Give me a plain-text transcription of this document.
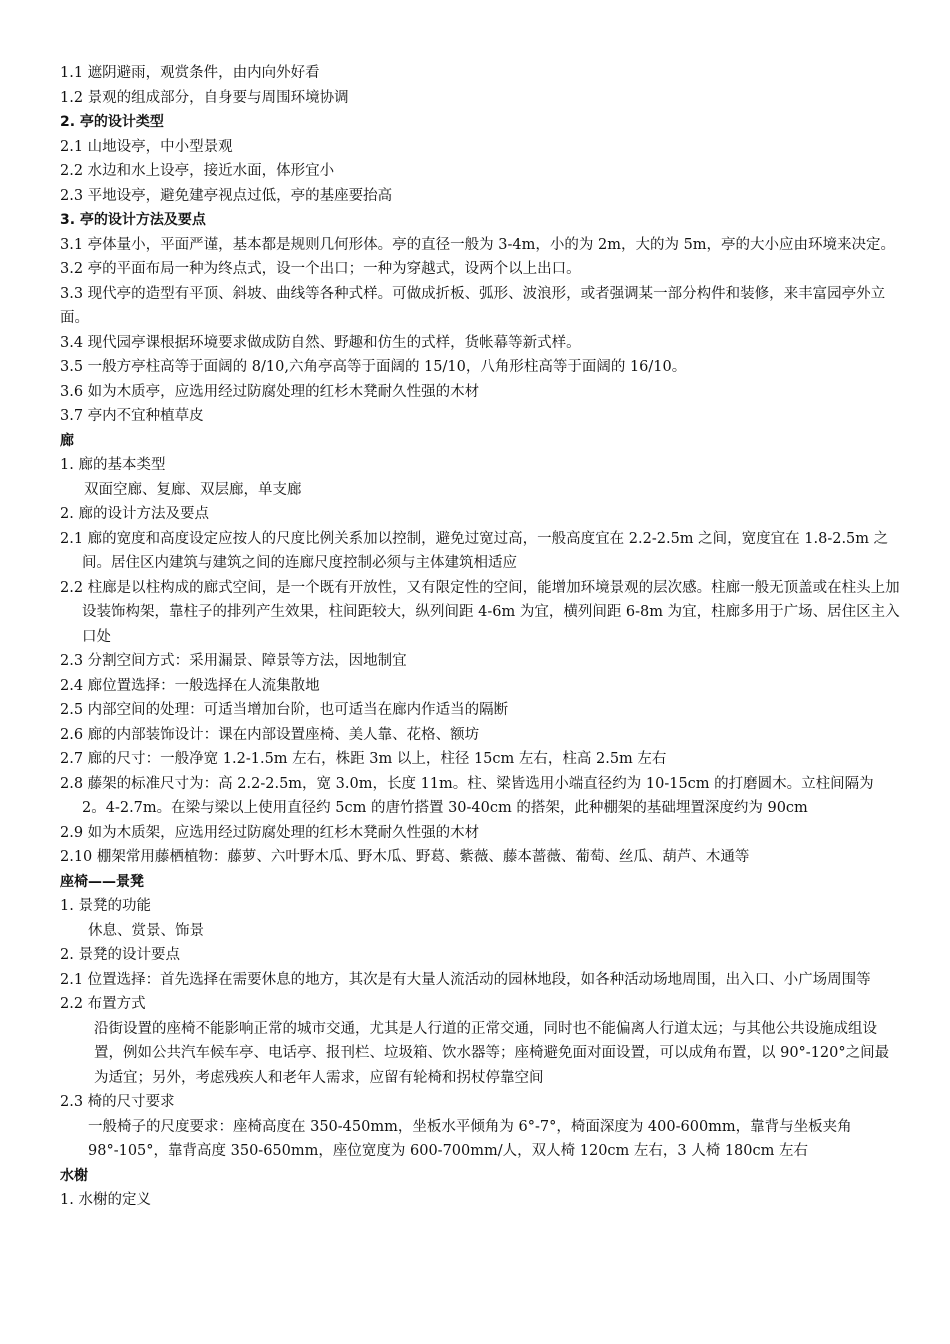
1.1 遮阴避雨，观赏条件，由内向外好看

1.2 景观的组成部分，自身要与周围环境协调

2. 亭的设计类型

2.1 山地设亭，中小型景观

2.2 水边和水上设亭，接近水面，体形宜小

2.3 平地设亭，避免建亭视点过低，亭的基座要抬高

3. 亭的设计方法及要点

3.1 亭体量小，平面严谨，基本都是规则几何形体。亭的直径一般为 3-4m，小的为 2m，大的为 5m，亭的大小应由环境来决定。

3.2 亭的平面布局一种为终点式，设一个出口；一种为穿越式，设两个以上出口。

3.3 现代亭的造型有平顶、斜坡、曲线等各种式样。可做成折板、弧形、波浪形，或者强调某一部分构件和装修，来丰富园亭外立面。

3.4 现代园亭课根据环境要求做成防自然、野趣和仿生的式样，货帐幕等新式样。

3.5 一般方亭柱高等于面阔的 8/10,六角亭高等于面阔的 15/10，八角形柱高等于面阔的 16/10。

3.6 如为木质亭，应选用经过防腐处理的红杉木凳耐久性强的木材

3.7 亭内不宜种植草皮

廊

1. 廊的基本类型

双面空廊、复廊、双层廊，单支廊

2. 廊的设计方法及要点

2.1 廊的宽度和高度设定应按人的尺度比例关系加以控制，避免过宽过高，一般高度宜在 2.2-2.5m 之间，宽度宜在 1.8-2.5m 之间。居住区内建筑与建筑之间的连廊尺度控制必须与主体建筑相适应

2.2 柱廊是以柱构成的廊式空间，是一个既有开放性，又有限定性的空间，能增加环境景观的层次感。柱廊一般无顶盖或在柱头上加设装饰构架，靠柱子的排列产生效果，柱间距较大，纵列间距 4-6m 为宜，横列间距 6-8m 为宜，柱廊多用于广场、居住区主入口处

2.3 分割空间方式：采用漏景、障景等方法，因地制宜

2.4 廊位置选择：一般选择在人流集散地

2.5 内部空间的处理：可适当增加台阶，也可适当在廊内作适当的隔断

2.6 廊的内部装饰设计：课在内部设置座椅、美人靠、花格、额坊

2.7 廊的尺寸：一般净宽 1.2-1.5m 左右，株距 3m 以上，柱径 15cm 左右，柱高 2.5m 左右

2.8 藤架的标准尺寸为：高 2.2-2.5m，宽 3.0m，长度 11m。柱、梁皆选用小端直径约为 10-15cm 的打磨圆木。立柱间隔为 2。4-2.7m。在梁与梁以上使用直径约 5cm 的唐竹搭置 30-40cm 的搭架，此种棚架的基础埋置深度约为 90cm

2.9 如为木质架，应选用经过防腐处理的红杉木凳耐久性强的木材

2.10 棚架常用藤栖植物：藤萝、六叶野木瓜、野木瓜、野葛、紫薇、藤本蔷薇、葡萄、丝瓜、葫芦、木通等

座椅——景凳

1. 景凳的功能

休息、赏景、饰景

2. 景凳的设计要点

2.1 位置选择：首先选择在需要休息的地方，其次是有大量人流活动的园林地段，如各种活动场地周围，出入口、小广场周围等

2.2 布置方式

沿街设置的座椅不能影响正常的城市交通，尤其是人行道的正常交通，同时也不能偏离人行道太远；与其他公共设施成组设置，例如公共汽车候车亭、电话亭、报刊栏、垃圾箱、饮水器等；座椅避免面对面设置，可以成角布置，以 90°-120°之间最为适宜；另外，考虑残疾人和老年人需求，应留有轮椅和拐杖停靠空间

2.3 椅的尺寸要求

一般椅子的尺度要求：座椅高度在 350-450mm，坐板水平倾角为 6°-7°，椅面深度为 400-600mm，靠背与坐板夹角 98°-105°，靠背高度 350-650mm，座位宽度为 600-700mm/人，双人椅 120cm 左右，3 人椅 180cm 左右

水榭

1. 水榭的定义
